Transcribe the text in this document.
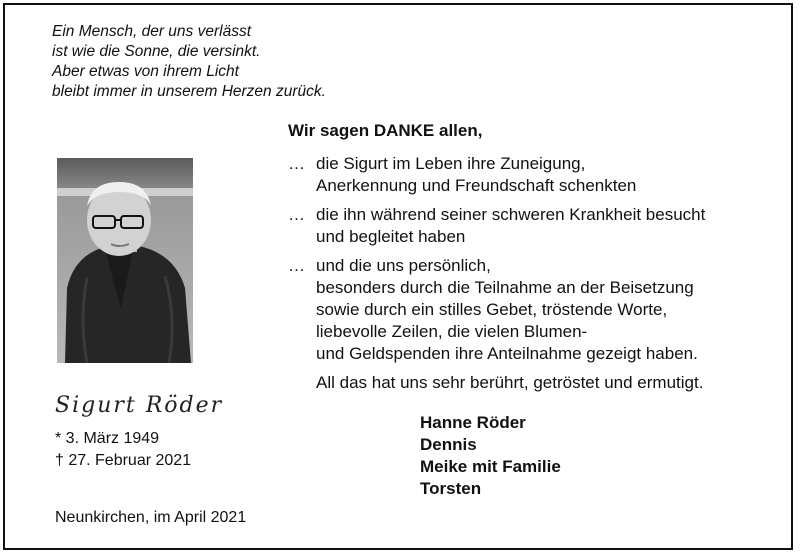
Ein Mensch, der uns verlässt
ist wie die Sonne, die versinkt.
Aber etwas von ihrem Licht
bleibt immer in unserem Herzen zurück.
Wir sagen DANKE allen,
… die Sigurt im Leben ihre Zuneigung,
Anerkennung und Freundschaft schenkten
… die ihn während seiner schweren Krankheit besucht
und begleitet haben
… und die uns persönlich,
besonders durch die Teilnahme an der Beisetzung
sowie durch ein stilles Gebet, tröstende Worte,
liebevolle Zeilen, die vielen Blumen-
und Geldspenden ihre Anteilnahme gezeigt haben.
All das hat uns sehr berührt, getröstet und ermutigt.
Sigurt Röder
* 3. März 1949
† 27. Februar 2021
Hanne Röder
Dennis
Meike mit Familie
Torsten
Neunkirchen, im April 2021
